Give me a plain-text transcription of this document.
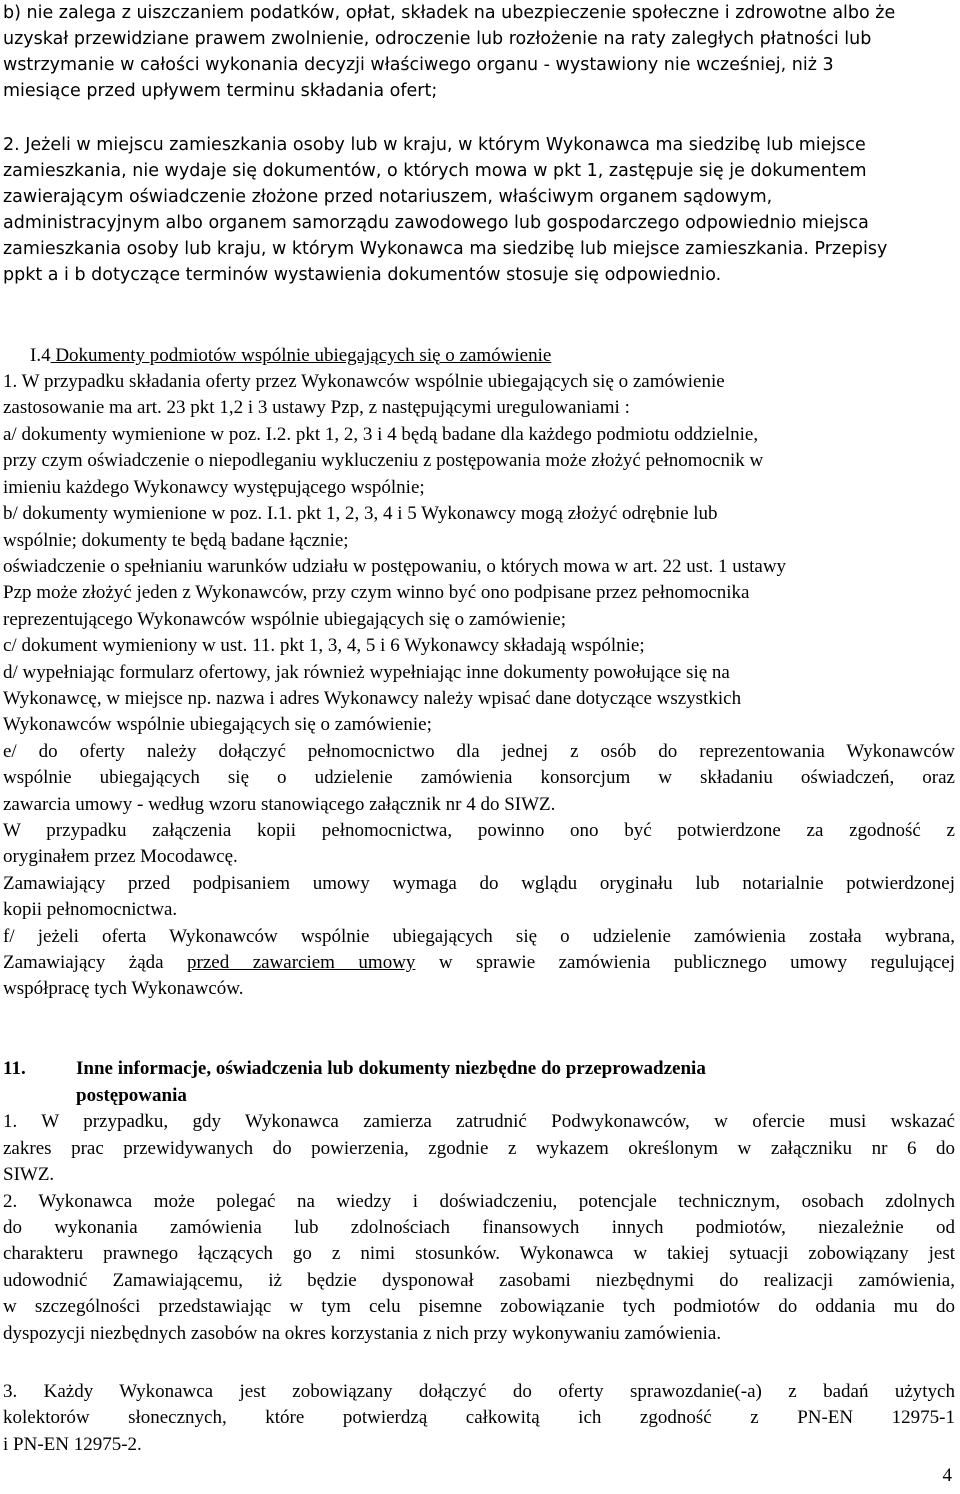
b) nie zalega z uiszczaniem podatków, opłat, składek na ubezpieczenie społeczne i zdrowotne albo że
uzyskał przewidziane prawem zwolnienie, odroczenie lub rozłożenie na raty zaległych płatności lub
wstrzymanie w całości wykonania decyzji właściwego organu - wystawiony nie wcześniej, niż 3
miesiące przed upływem terminu składania ofert;
2. Jeżeli w miejscu zamieszkania osoby lub w kraju, w którym Wykonawca ma siedzibę lub miejsce
zamieszkania, nie wydaje się dokumentów, o których mowa w pkt 1, zastępuje się je dokumentem
zawierającym oświadczenie złożone przed notariuszem, właściwym organem sądowym,
administracyjnym albo organem samorządu zawodowego lub gospodarczego odpowiednio miejsca
zamieszkania osoby lub kraju, w którym Wykonawca ma siedzibę lub miejsce zamieszkania. Przepisy
ppkt a i b dotyczące terminów wystawienia dokumentów stosuje się odpowiednio.
I.4 Dokumenty podmiotów wspólnie ubiegających się o zamówienie
1. W przypadku składania oferty przez Wykonawców wspólnie ubiegających się o zamówienie
zastosowanie ma art. 23 pkt 1,2 i 3 ustawy Pzp, z następującymi uregulowaniami :
a/ dokumenty wymienione w poz. I.2. pkt 1, 2, 3 i 4 będą badane dla każdego podmiotu oddzielnie,
przy czym oświadczenie o niepodleganiu wykluczeniu z postępowania może złożyć pełnomocnik w
imieniu każdego Wykonawcy występującego wspólnie;
b/ dokumenty wymienione w poz. I.1. pkt 1, 2, 3, 4 i 5 Wykonawcy mogą złożyć odrębnie lub
wspólnie; dokumenty te będą badane łącznie;
oświadczenie o spełnianiu warunków udziału w postępowaniu, o których mowa w art. 22 ust. 1 ustawy
Pzp może złożyć jeden z Wykonawców, przy czym winno być ono podpisane przez pełnomocnika
reprezentującego Wykonawców wspólnie ubiegających się o zamówienie;
c/ dokument wymieniony w ust. 11. pkt 1, 3, 4, 5 i 6 Wykonawcy składają wspólnie;
d/ wypełniając formularz ofertowy, jak również wypełniając inne dokumenty powołujące się na
Wykonawcę, w miejsce np. nazwa i adres Wykonawcy należy wpisać dane dotyczące wszystkich
Wykonawców wspólnie ubiegających się o zamówienie;
e/ do oferty należy dołączyć pełnomocnictwo dla jednej z osób do reprezentowania Wykonawców
wspólnie ubiegających się o udzielenie zamówienia konsorcjum w składaniu oświadczeń, oraz
zawarcia umowy - według wzoru stanowiącego załącznik nr 4 do SIWZ.
W przypadku załączenia kopii pełnomocnictwa, powinno ono być potwierdzone za zgodność z
oryginałem przez Mocodawcę.
Zamawiający przed podpisaniem umowy wymaga do wglądu oryginału lub notarialnie potwierdzonej
kopii pełnomocnictwa.
f/ jeżeli oferta Wykonawców wspólnie ubiegających się o udzielenie zamówienia została wybrana,
Zamawiający żąda przed zawarciem umowy w sprawie zamówienia publicznego umowy regulującej
współpracę tych Wykonawców.
11.	Inne informacje, oświadczenia lub dokumenty niezbędne do przeprowadzenia
postępowania
1. W przypadku, gdy Wykonawca zamierza zatrudnić Podwykonawców, w ofercie musi wskazać
zakres prac przewidywanych do powierzenia, zgodnie z wykazem określonym w załączniku nr 6 do
SIWZ.
2. Wykonawca może polegać na wiedzy i doświadczeniu, potencjale technicznym, osobach zdolnych
do wykonania zamówienia lub zdolnościach finansowych innych podmiotów, niezależnie od
charakteru prawnego łączących go z nimi stosunków. Wykonawca w takiej sytuacji zobowiązany jest
udowodnić Zamawiającemu, iż będzie dysponował zasobami niezbędnymi do realizacji zamówienia,
w szczególności przedstawiając w tym celu pisemne zobowiązanie tych podmiotów do oddania mu do
dyspozycji niezbędnych zasobów na okres korzystania z nich przy wykonywaniu zamówienia.
3. Każdy Wykonawca jest zobowiązany dołączyć do oferty sprawozdanie(-a) z badań użytych
kolektorów słonecznych, które potwierdzą całkowitą ich zgodność z PN-EN 12975-1
i PN-EN 12975-2.
4
